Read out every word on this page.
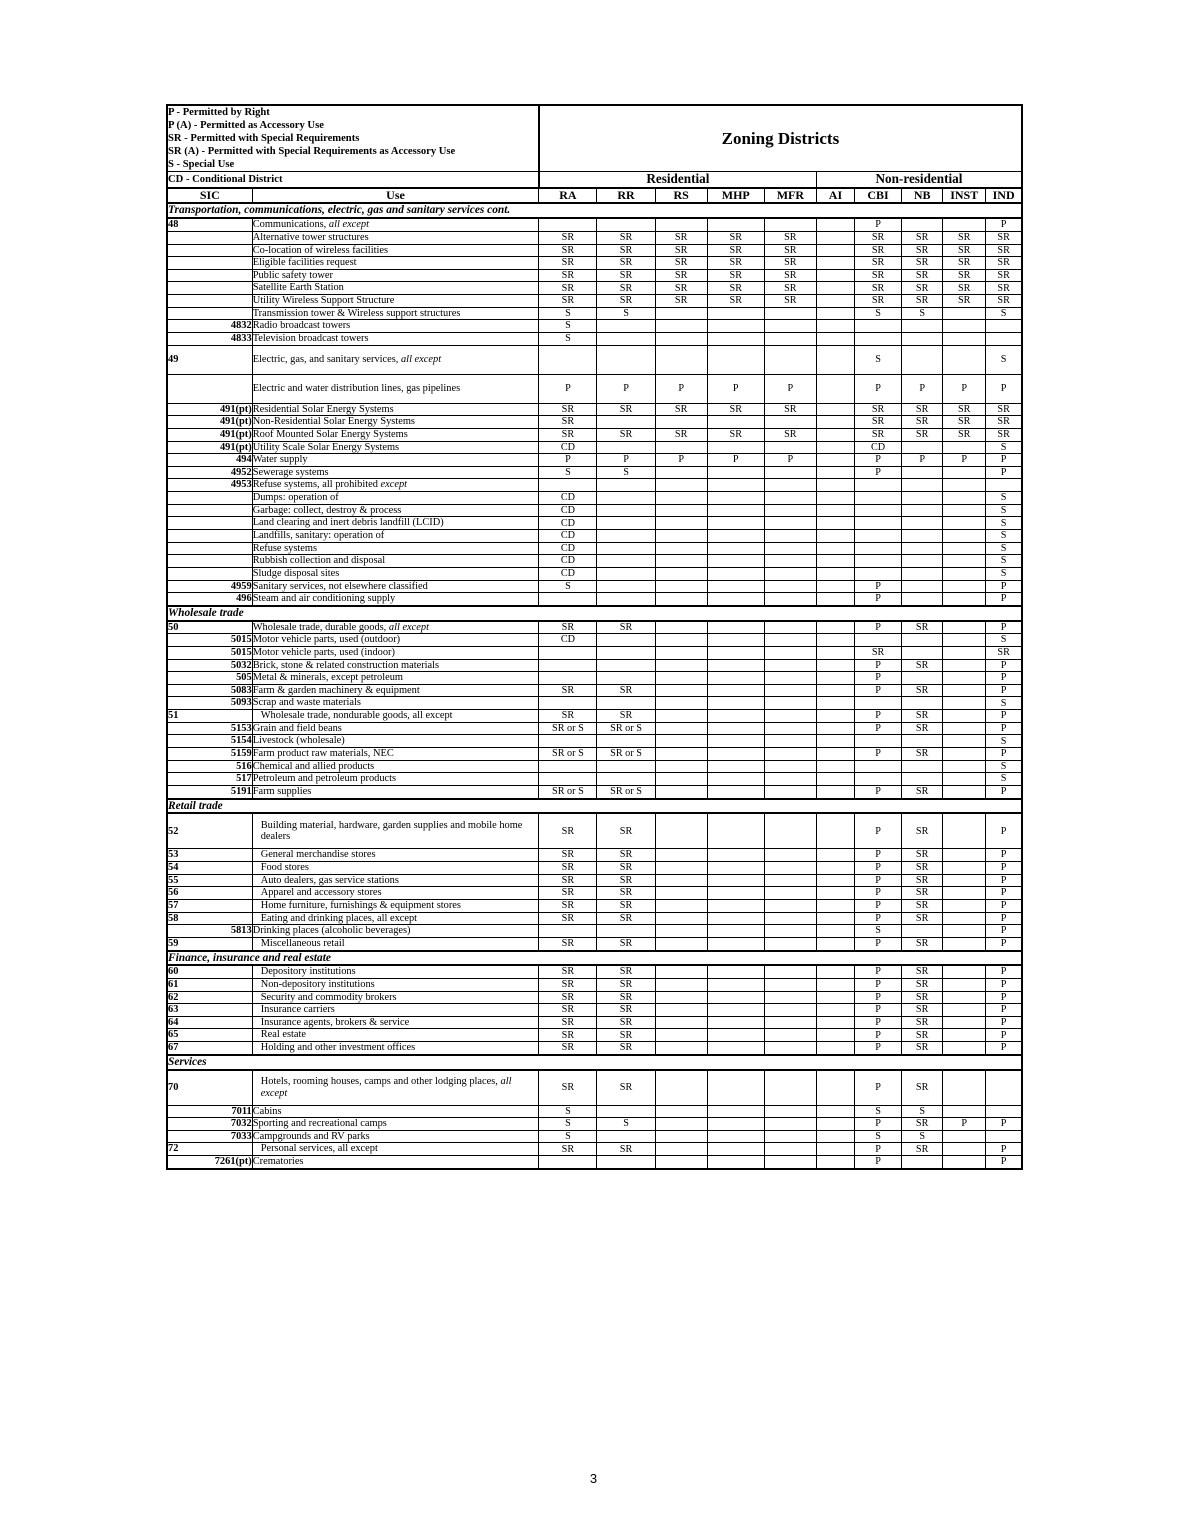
P - Permitted by Right
P (A) - Permitted as Accessory Use
SR - Permitted with Special Requirements
SR (A) - Permitted with Special Requirements as Accessory Use
S - Special Use		Zoning Districts									
CD - Conditional District		Residential					Non-residential				
SIC	Use	RA	RR	RS	MHP	MFR	AI	CBI	NB	INST	IND
Transportation, communications, electric, gas and sanitary services cont.											
48	Communications, all except							P			P
	Alternative tower structures	SR	SR	SR	SR	SR		SR	SR	SR	SR
	Co-location of wireless facilities	SR	SR	SR	SR	SR		SR	SR	SR	SR
	Eligible facilities request	SR	SR	SR	SR	SR		SR	SR	SR	SR
	Public safety tower	SR	SR	SR	SR	SR		SR	SR	SR	SR
	Satellite Earth Station	SR	SR	SR	SR	SR		SR	SR	SR	SR
	Utility Wireless Support Structure	SR	SR	SR	SR	SR		SR	SR	SR	SR
	Transmission tower & Wireless support structures	S	S					S	S		S
4832	Radio broadcast towers	S									
4833	Television broadcast towers	S									
49	Electric, gas, and sanitary services, all except							S			S
	Electric and water distribution lines, gas pipelines	P	P	P	P	P		P	P	P	P
491(pt)	Residential Solar Energy Systems	SR	SR	SR	SR	SR		SR	SR	SR	SR
491(pt)	Non-Residential Solar Energy Systems	SR						SR	SR	SR	SR
491(pt)	Roof Mounted Solar Energy Systems	SR	SR	SR	SR	SR		SR	SR	SR	SR
491(pt)	Utility Scale Solar Energy Systems	CD						CD			S
494	Water supply	P	P	P	P	P		P	P	P	P
4952	Sewerage systems	S	S					P			P
4953	Refuse systems, all prohibited except										
	Dumps: operation of	CD									S
	Garbage: collect, destroy & process	CD									S
	Land clearing and inert debris landfill (LCID)	CD									S
	Landfills, sanitary: operation of	CD									S
	Refuse systems	CD									S
	Rubbish collection and disposal	CD									S
	Sludge disposal sites	CD									S
4959	Sanitary services, not elsewhere classified	S						P			P
496	Steam and air conditioning supply							P			P
Wholesale trade											
50	Wholesale trade, durable goods, all except	SR	SR					P	SR		P
5015	Motor vehicle parts, used (outdoor)	CD									S
5015	Motor vehicle parts, used (indoor)							SR			SR
5032	Brick, stone & related construction materials							P	SR		P
505	Metal & minerals, except petroleum							P			P
5083	Farm & garden machinery & equipment	SR	SR					P	SR		P
5093	Scrap and waste materials										S
51	Wholesale trade, nondurable goods, all except	SR	SR					P	SR		P
5153	Grain and field beans	SR or S	SR or S					P	SR		P
5154	Livestock (wholesale)										S
5159	Farm product raw materials, NEC	SR or S	SR or S					P	SR		P
516	Chemical and allied products										S
517	Petroleum and petroleum products										S
5191	Farm supplies	SR or S	SR or S					P	SR		P
Retail trade											
52	Building material, hardware, garden supplies and mobile home dealers	SR	SR					P	SR		P
53	General merchandise stores	SR	SR					P	SR		P
54	Food stores	SR	SR					P	SR		P
55	Auto dealers, gas service stations	SR	SR					P	SR		P
56	Apparel and accessory stores	SR	SR					P	SR		P
57	Home furniture, furnishings & equipment stores	SR	SR					P	SR		P
58	Eating and drinking places, all except	SR	SR					P	SR		P
5813	Drinking places (alcoholic beverages)							S			P
59	Miscellaneous retail	SR	SR					P	SR		P
Finance, insurance and real estate											
60	Depository institutions	SR	SR					P	SR		P
61	Non-depository institutions	SR	SR					P	SR		P
62	Security and commodity brokers	SR	SR					P	SR		P
63	Insurance carriers	SR	SR					P	SR		P
64	Insurance agents, brokers & service	SR	SR					P	SR		P
65	Real estate	SR	SR					P	SR		P
67	Holding and other investment offices	SR	SR					P	SR		P
Services											
70	Hotels, rooming houses, camps and other lodging places, all except	SR	SR					P	SR		
7011	Cabins	S						S	S		
7032	Sporting and recreational camps	S	S					P	SR	P	P
7033	Campgrounds and RV parks	S						S	S		
72	Personal services, all except	SR	SR					P	SR		P
7261(pt)	Crematories							P			P
3
